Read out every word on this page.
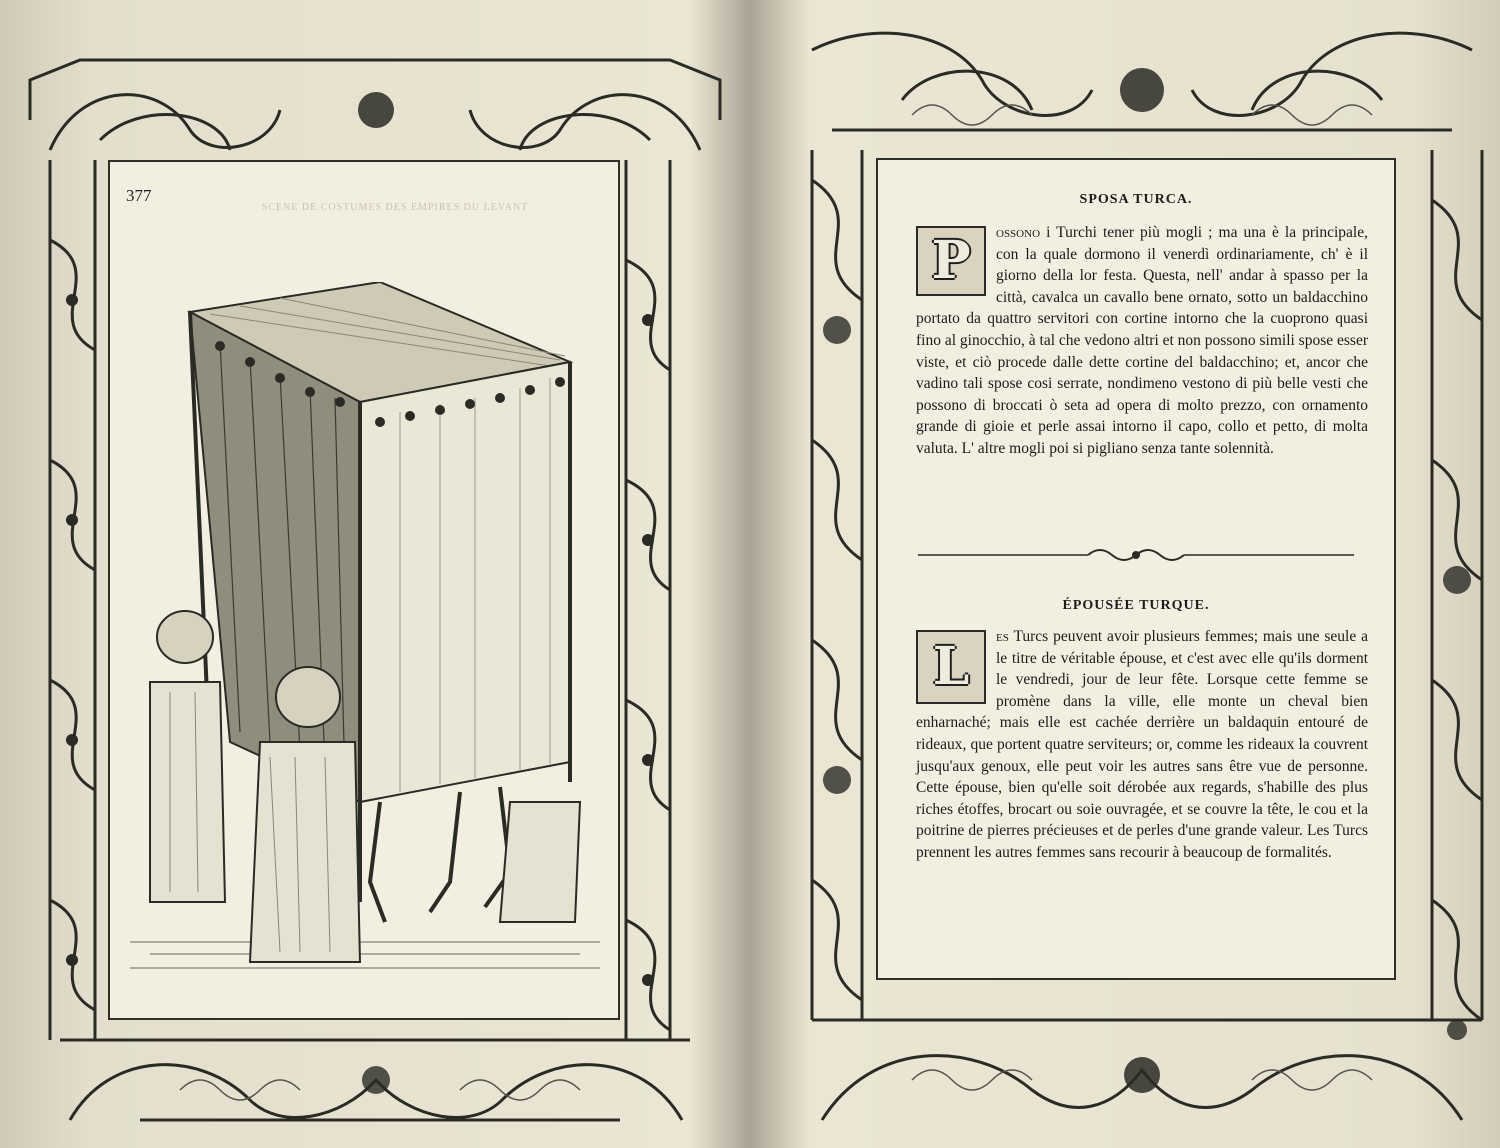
377
SCENE DE COSTUMES DES EMPIRES DU LEVANT
SPOSA TURCA.
P	ossono i Turchi tener più mogli ; ma una è la principale, con la quale dormono il venerdì ordinariamente, ch' è il giorno della lor festa. Questa, nell' andar à spasso per la città, cavalca un cavallo bene ornato, sotto un baldacchino portato da quattro servitori con cortine intorno che la cuoprono quasi fino al ginocchio, à tal che vedono altri et non possono simili spose esser viste, et ciò procede dalle dette cortine del baldacchino; et, ancor che vadino tali spose cosi serrate, nondimeno vestono di più belle vesti che possono di broccati ò seta ad opera di molto prezzo, con ornamento grande di gioie et perle assai intorno il capo, collo et petto, di molta valuta. L' altre mogli poi si pigliano senza tante solennità.

ÉPOUSÉE TURQUE.
L	es Turcs peuvent avoir plusieurs femmes; mais une seule a le titre de véritable épouse, et c'est avec elle qu'ils dorment le vendredi, jour de leur fête. Lorsque cette femme se promène dans la ville, elle monte un cheval bien enharnaché; mais elle est cachée derrière un baldaquin entouré de rideaux, que portent quatre serviteurs; or, comme les rideaux la couvrent jusqu'aux genoux, elle peut voir les autres sans être vue de personne. Cette épouse, bien qu'elle soit dérobée aux regards, s'habille des plus riches étoffes, brocart ou soie ouvragée, et se couvre la tête, le cou et la poitrine de pierres précieuses et de perles d'une grande valeur. Les Turcs prennent les autres femmes sans recourir à beaucoup de formalités.
